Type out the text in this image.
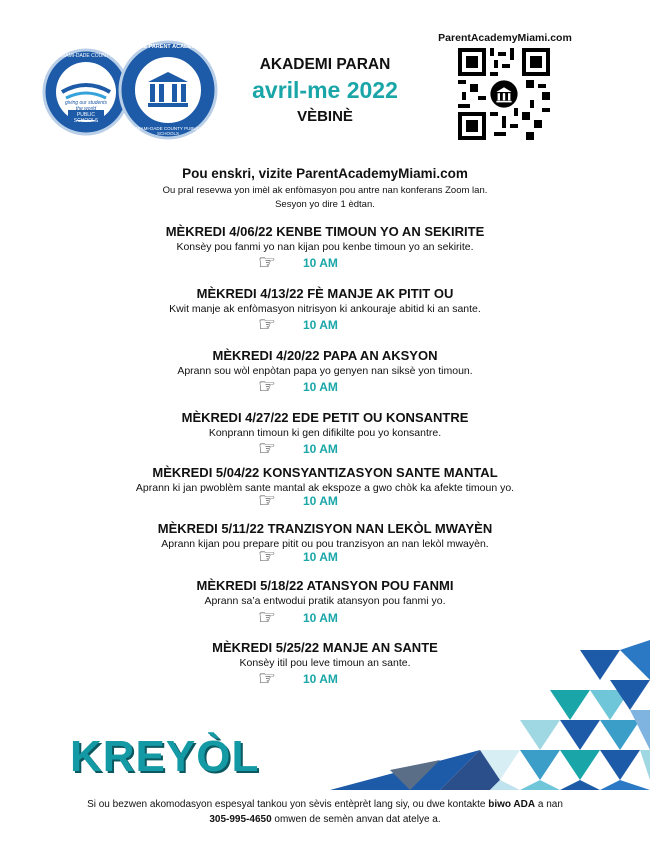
giving our students the world
MIAMI-DADE COUNTY
PUBLIC SCHOOLS
THE PARENT ACADEMY
MIAMI-DADE COUNTY PUBLIC SCHOOLS
AKADEMI PARAN
avril-me 2022
VÈBINÈ
ParentAcademyMiami.com
Pou enskri, vizite ParentAcademyMiami.com
Ou pral resevwa yon imèl ak enfòmasyon pou antre nan konferans Zoom lan.
Sesyon yo dire 1 èdtan.
MÈKREDI 4/06/22 KENBE TIMOUN YO AN SEKIRITE
Konsèy pou fanmi yo nan kijan pou kenbe timoun yo an sekirite.
☞ 10 AM
MÈKREDI 4/13/22 FÈ MANJE AK PITIT OU
Kwit manje ak enfòmasyon nitrisyon ki ankouraje abitid ki an sante.
☞ 10 AM
MÈKREDI 4/20/22 PAPA AN AKSYON
Aprann sou wòl enpòtan papa yo genyen nan siksè yon timoun.
☞ 10 AM
MÈKREDI 4/27/22 EDE PETIT OU KONSANTRE
Konprann timoun ki gen difikilte pou yo konsantre.
☞ 10 AM
MÈKREDI 5/04/22 KONSYANTIZASYON SANTE MANTAL
Aprann ki jan pwoblèm sante mantal ak ekspoze a gwo chòk ka afekte timoun yo.
☞ 10 AM
MÈKREDI 5/11/22 TRANZISYON NAN LEKÒL MWAYÈN
Aprann kijan pou prepare pitit ou pou tranzisyon an nan lekòl mwayèn.
☞ 10 AM
MÈKREDI 5/18/22 ATANSYON POU FANMI
Aprann sa’a entwodui pratik atansyon pou fanmi yo.
☞ 10 AM
MÈKREDI 5/25/22 MANJE AN SANTE
Konsèy itil pou leve timoun an sante.
☞ 10 AM
KREYÒL
Si ou bezwen akomodasyon espesyal tankou yon sèvis entèprèt lang siy, ou dwe kontakte biwo ADA a nan
305-995-4650 omwen de semèn anvan dat atelye a.
